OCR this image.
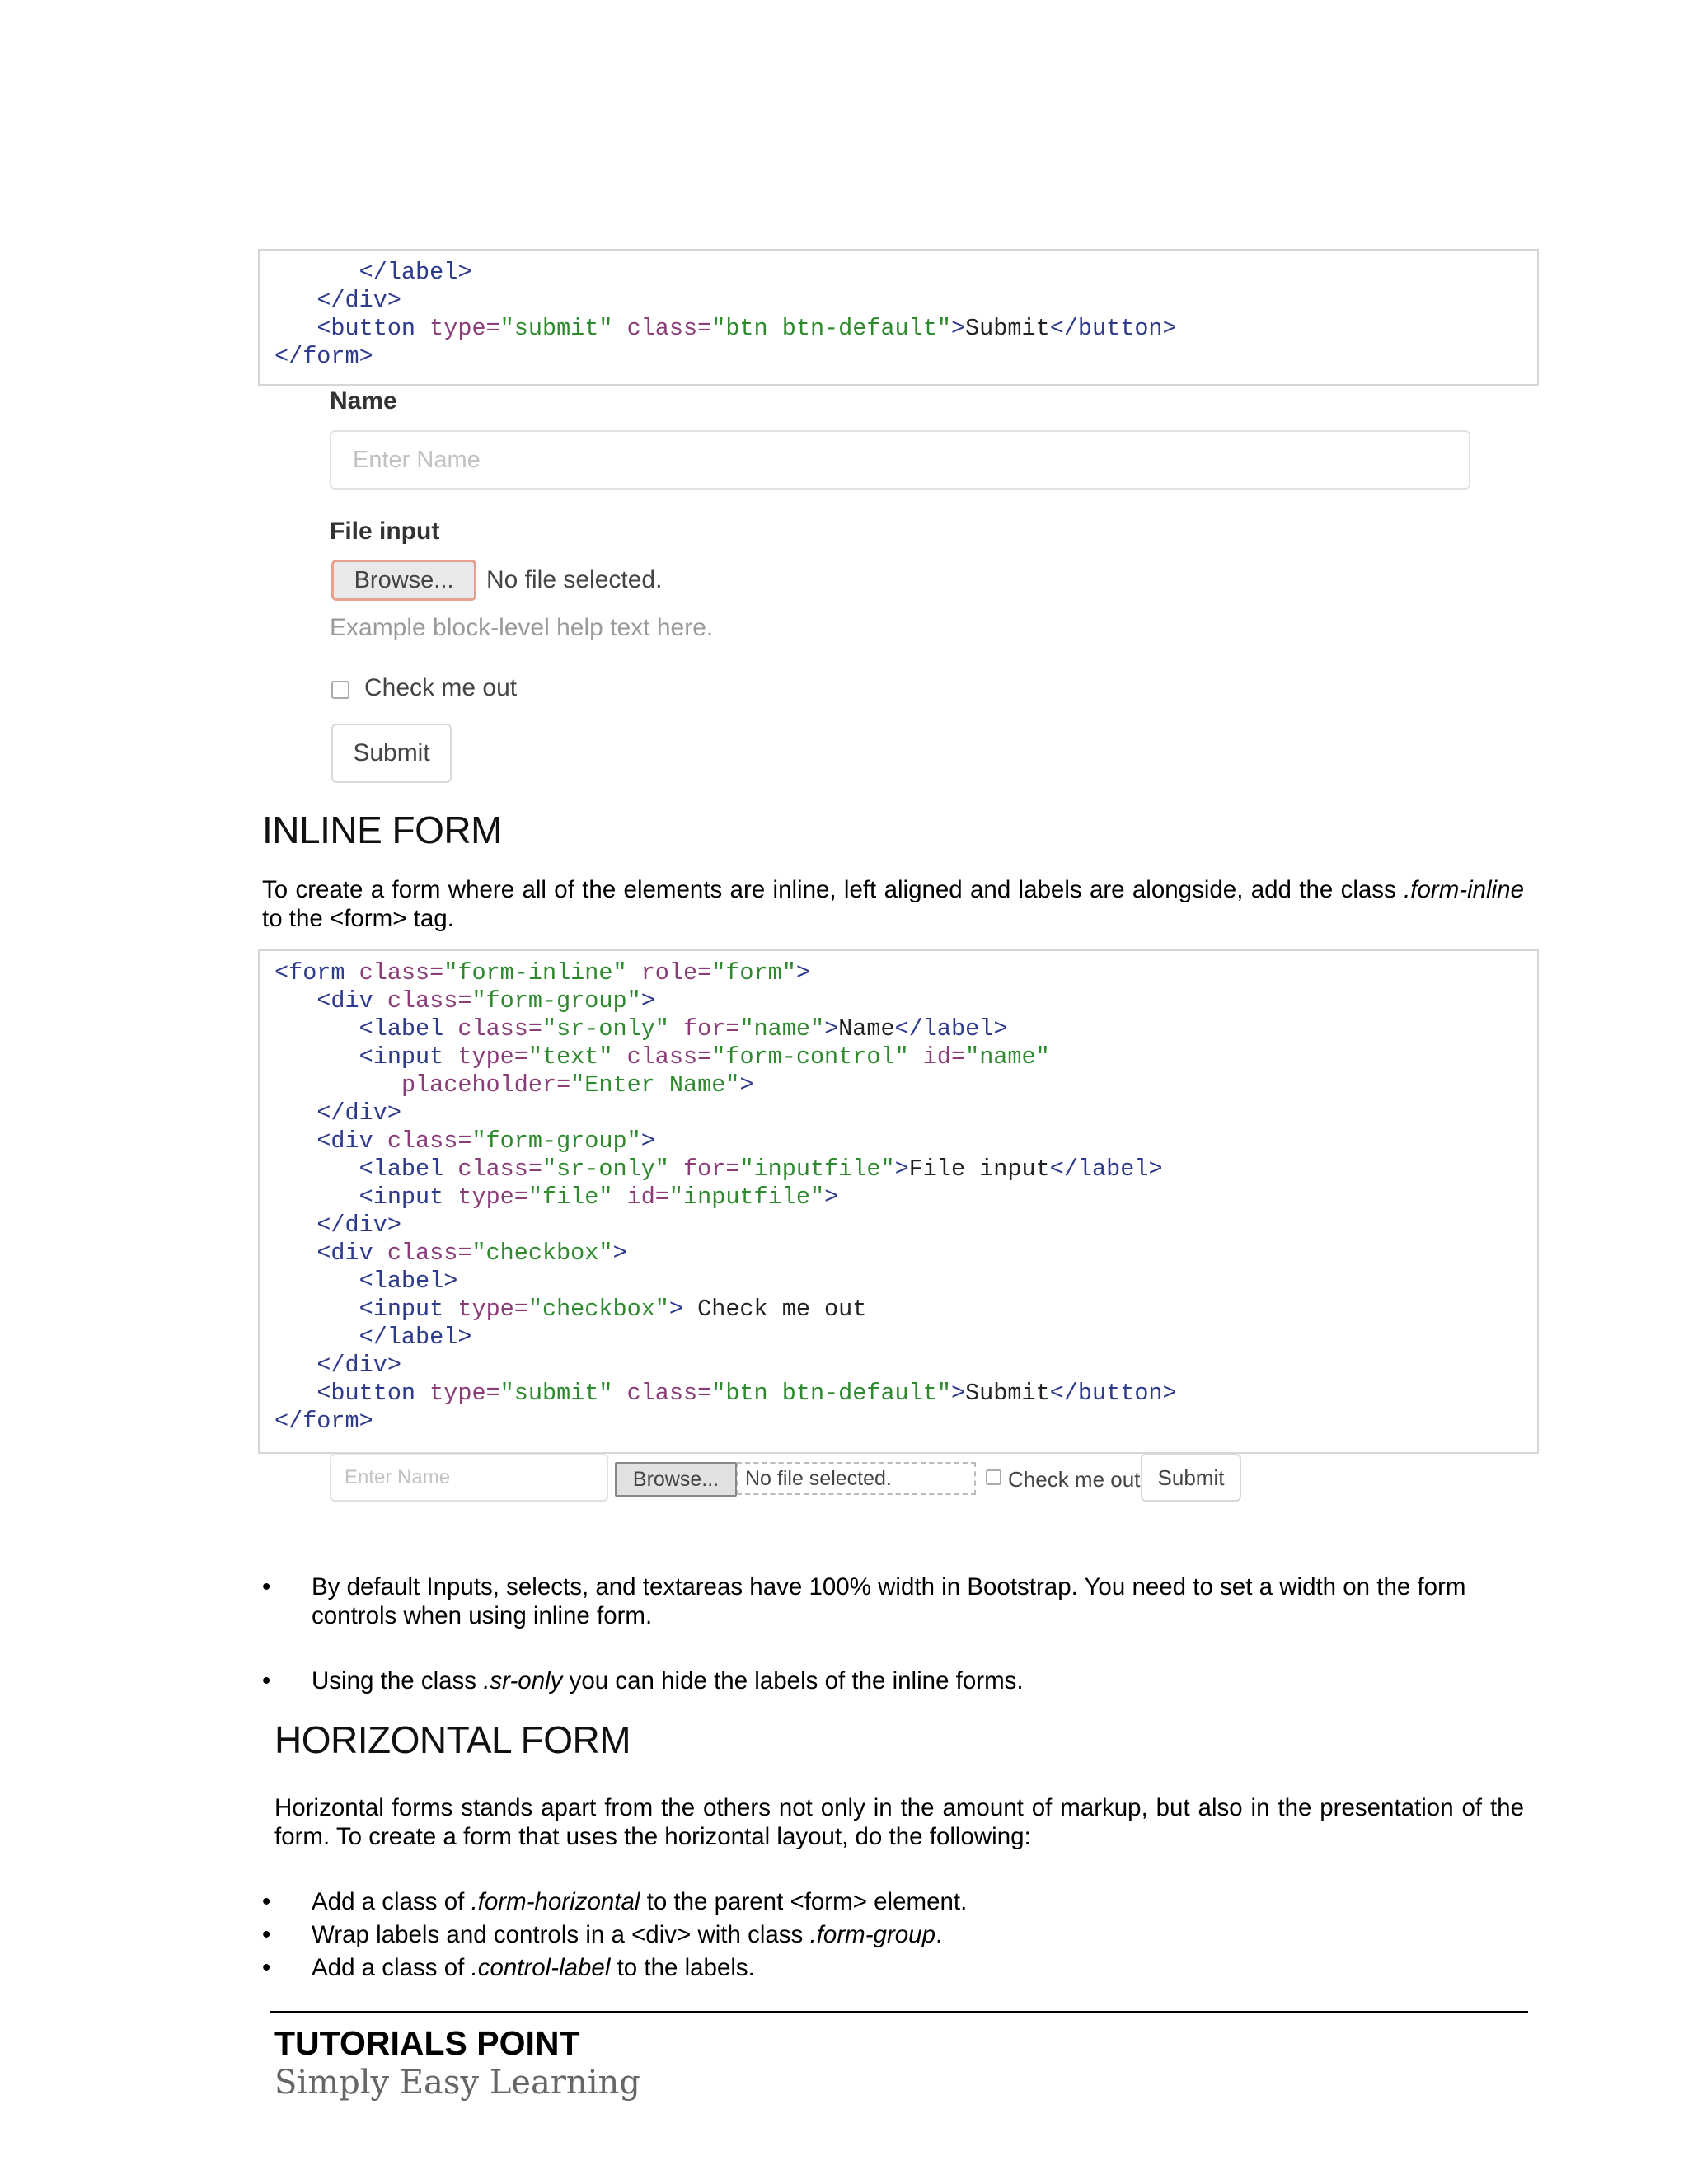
</label>
</div>
<button type="submit" class="btn btn-default">Submit</button>
</form>
Name
Enter Name
File input
Browse...	No file selected.
Example block-level help text here.
Check me out
Submit
INLINE FORM
To create a form where all of the elements are inline, left aligned and labels are alongside, add the class .form-inline to the <form> tag.
<form class="form-inline" role="form">
<div class="form-group">
<label class="sr-only" for="name">Name</label>
<input type="text" class="form-control" id="name"
placeholder="Enter Name">
</div>
<div class="form-group">
<label class="sr-only" for="inputfile">File input</label>
<input type="file" id="inputfile">
</div>
<div class="checkbox">
<label>
<input type="checkbox"> Check me out
</label>
</div>
<button type="submit" class="btn btn-default">Submit</button>
</form>
Enter Name	Browse...	No file selected.	Check me out Submit
• By default Inputs, selects, and textareas have 100% width in Bootstrap. You need to set a width on the form controls when using inline form.
• Using the class .sr-only you can hide the labels of the inline forms.
HORIZONTAL FORM
Horizontal forms stands apart from the others not only in the amount of markup, but also in the presentation of the form. To create a form that uses the horizontal layout, do the following:
• Add a class of .form-horizontal to the parent <form> element.
• Wrap labels and controls in a <div> with class .form-group.
• Add a class of .control-label to the labels.
TUTORIALS POINT
Simply Easy Learning
